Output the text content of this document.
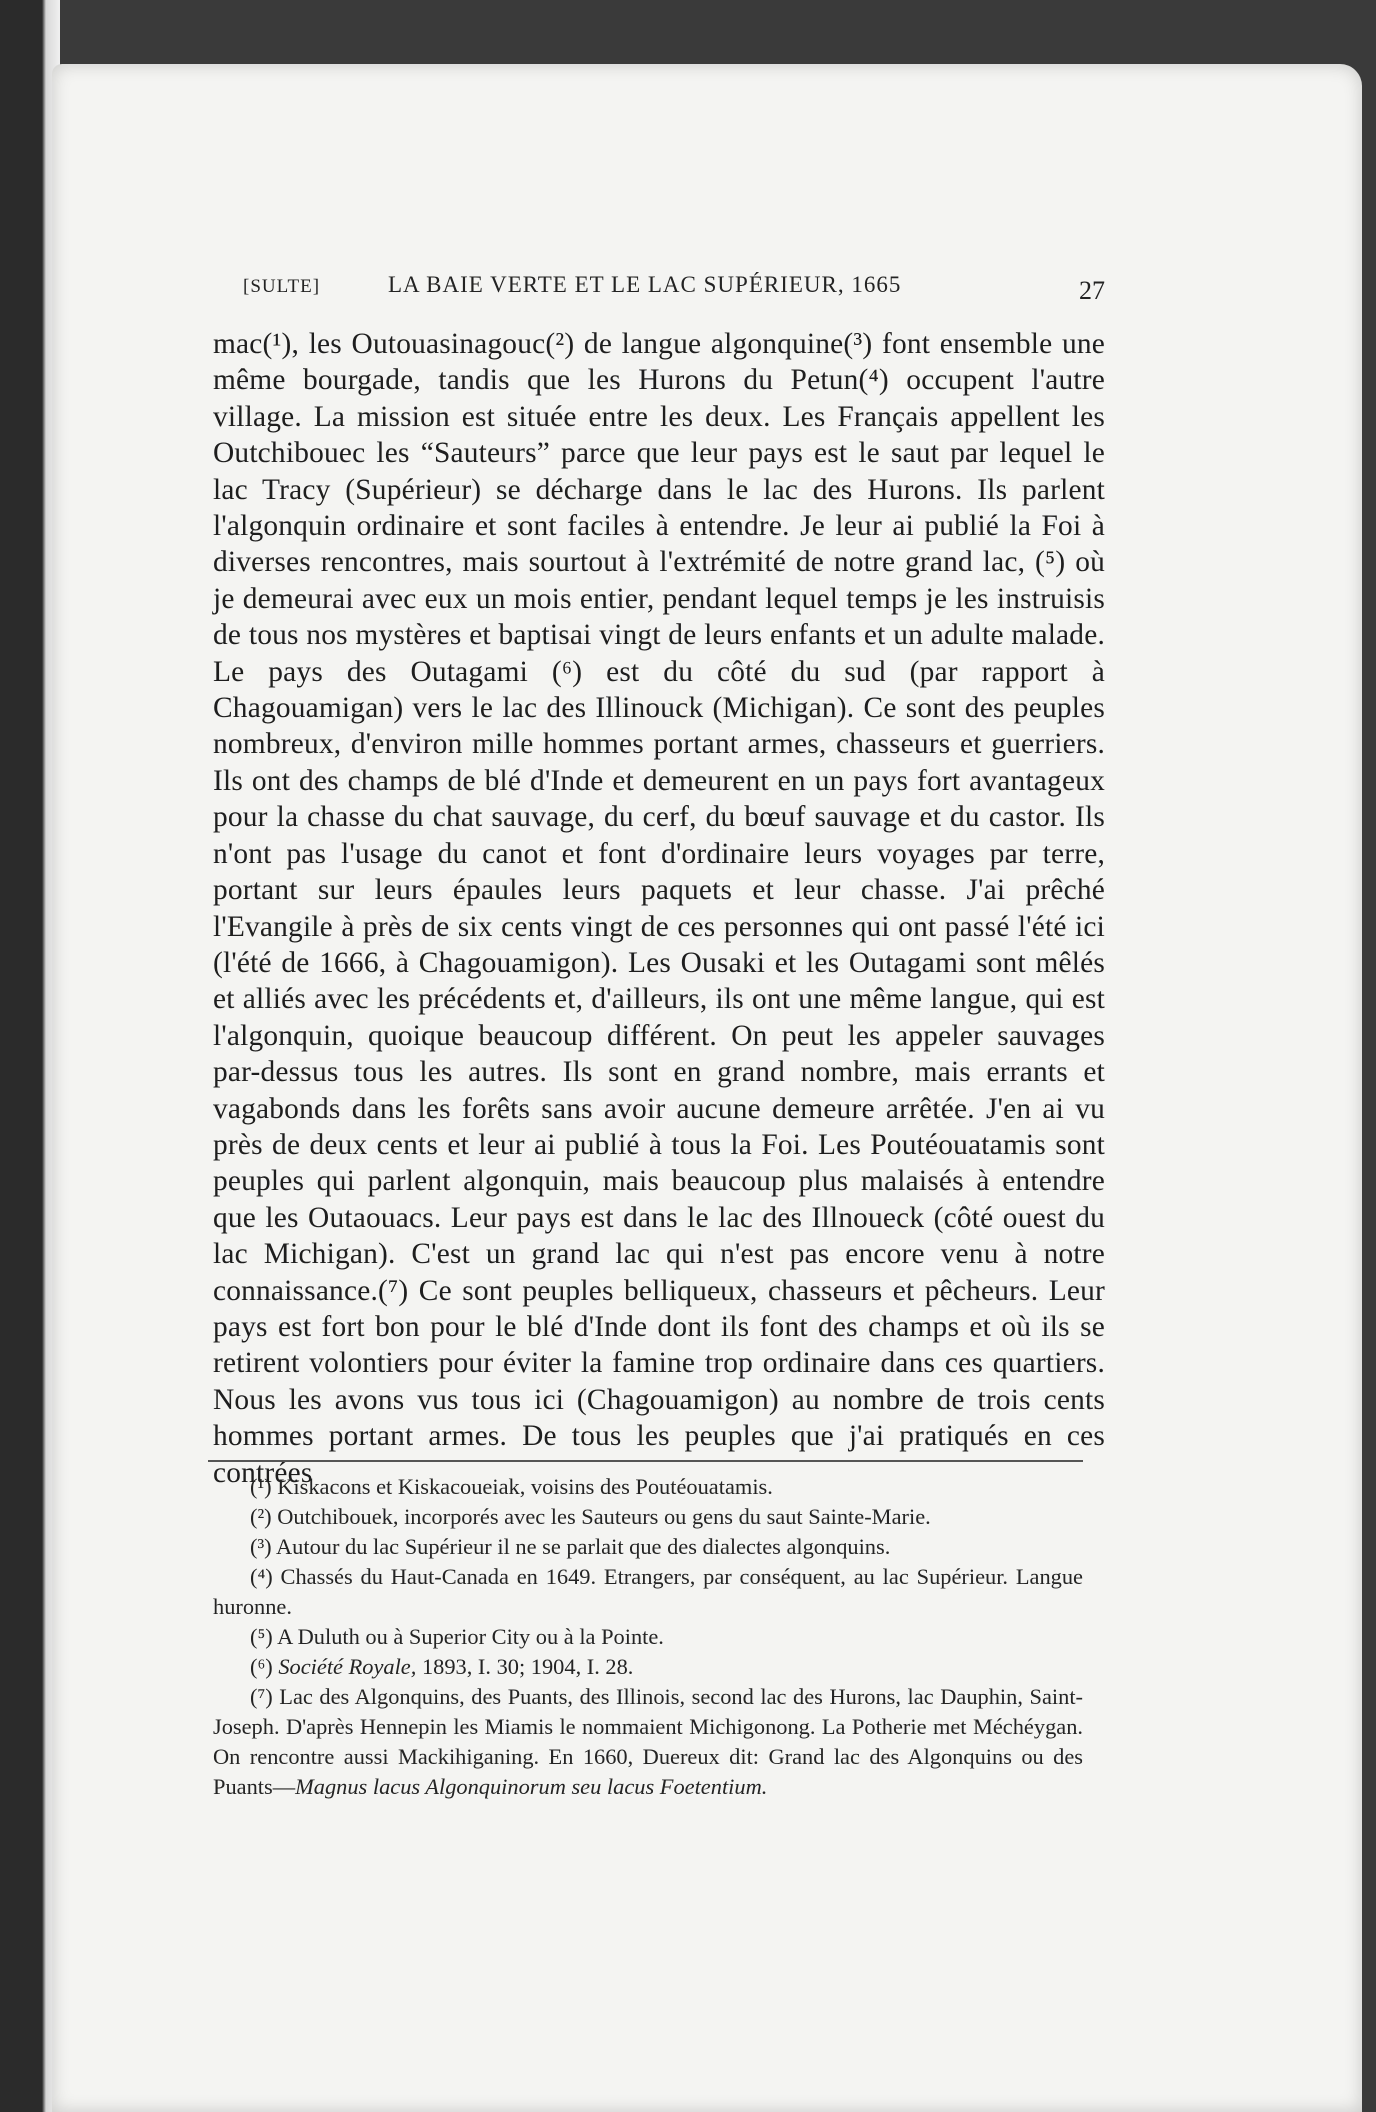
[SULTE]	LA BAIE VERTE ET LE LAC SUPÉRIEUR, 1665	27

mac(¹), les Outouasinagouc(²) de langue algonquine(³) font ensemble une même bourgade, tandis que les Hurons du Petun(⁴) occupent l'autre village. La mission est située entre les deux. Les Français appellent les Outchibouec les “Sauteurs” parce que leur pays est le saut par lequel le lac Tracy (Supérieur) se décharge dans le lac des Hurons. Ils parlent l'algonquin ordinaire et sont faciles à entendre. Je leur ai publié la Foi à diverses rencontres, mais sourtout à l'extrémité de notre grand lac, (⁵) où je demeurai avec eux un mois entier, pendant lequel temps je les instruisis de tous nos mystères et baptisai vingt de leurs enfants et un adulte malade. Le pays des Outagami (⁶) est du côté du sud (par rapport à Chagouamigan) vers le lac des Illinouck (Michigan). Ce sont des peuples nombreux, d'environ mille hommes portant armes, chasseurs et guerriers. Ils ont des champs de blé d'Inde et demeurent en un pays fort avantageux pour la chasse du chat sauvage, du cerf, du bœuf sauvage et du castor. Ils n'ont pas l'usage du canot et font d'ordinaire leurs voyages par terre, portant sur leurs épaules leurs paquets et leur chasse. J'ai prêché l'Evangile à près de six cents vingt de ces personnes qui ont passé l'été ici (l'été de 1666, à Chagouamigon). Les Ousaki et les Outagami sont mêlés et alliés avec les précédents et, d'ailleurs, ils ont une même langue, qui est l'algonquin, quoique beaucoup différent. On peut les appeler sauvages par-dessus tous les autres. Ils sont en grand nombre, mais errants et vagabonds dans les forêts sans avoir aucune demeure arrêtée. J'en ai vu près de deux cents et leur ai publié à tous la Foi. Les Poutéouatamis sont peuples qui parlent algonquin, mais beaucoup plus malaisés à entendre que les Outaouacs. Leur pays est dans le lac des Illnoueck (côté ouest du lac Michigan). C'est un grand lac qui n'est pas encore venu à notre connaissance.(⁷) Ce sont peuples belliqueux, chasseurs et pêcheurs. Leur pays est fort bon pour le blé d'Inde dont ils font des champs et où ils se retirent volontiers pour éviter la famine trop ordinaire dans ces quartiers. Nous les avons vus tous ici (Chagouamigon) au nombre de trois cents hommes portant armes. De tous les peuples que j'ai pratiqués en ces contrées

(¹) Kiskacons et Kiskacoueiak, voisins des Poutéouatamis.

(²) Outchibouek, incorporés avec les Sauteurs ou gens du saut Sainte-Marie.

(³) Autour du lac Supérieur il ne se parlait que des dialectes algonquins.

(⁴) Chassés du Haut-Canada en 1649. Etrangers, par conséquent, au lac Supérieur. Langue huronne.

(⁵) A Duluth ou à Superior City ou à la Pointe.

(⁶) Société Royale, 1893, I. 30; 1904, I. 28.

(⁷) Lac des Algonquins, des Puants, des Illinois, second lac des Hurons, lac Dauphin, Saint-Joseph. D'après Hennepin les Miamis le nommaient Michigonong. La Potherie met Méchéygan. On rencontre aussi Mackihiganing. En 1660, Duereux dit: Grand lac des Algonquins ou des Puants—Magnus lacus Algonquinorum seu lacus Foetentium.
